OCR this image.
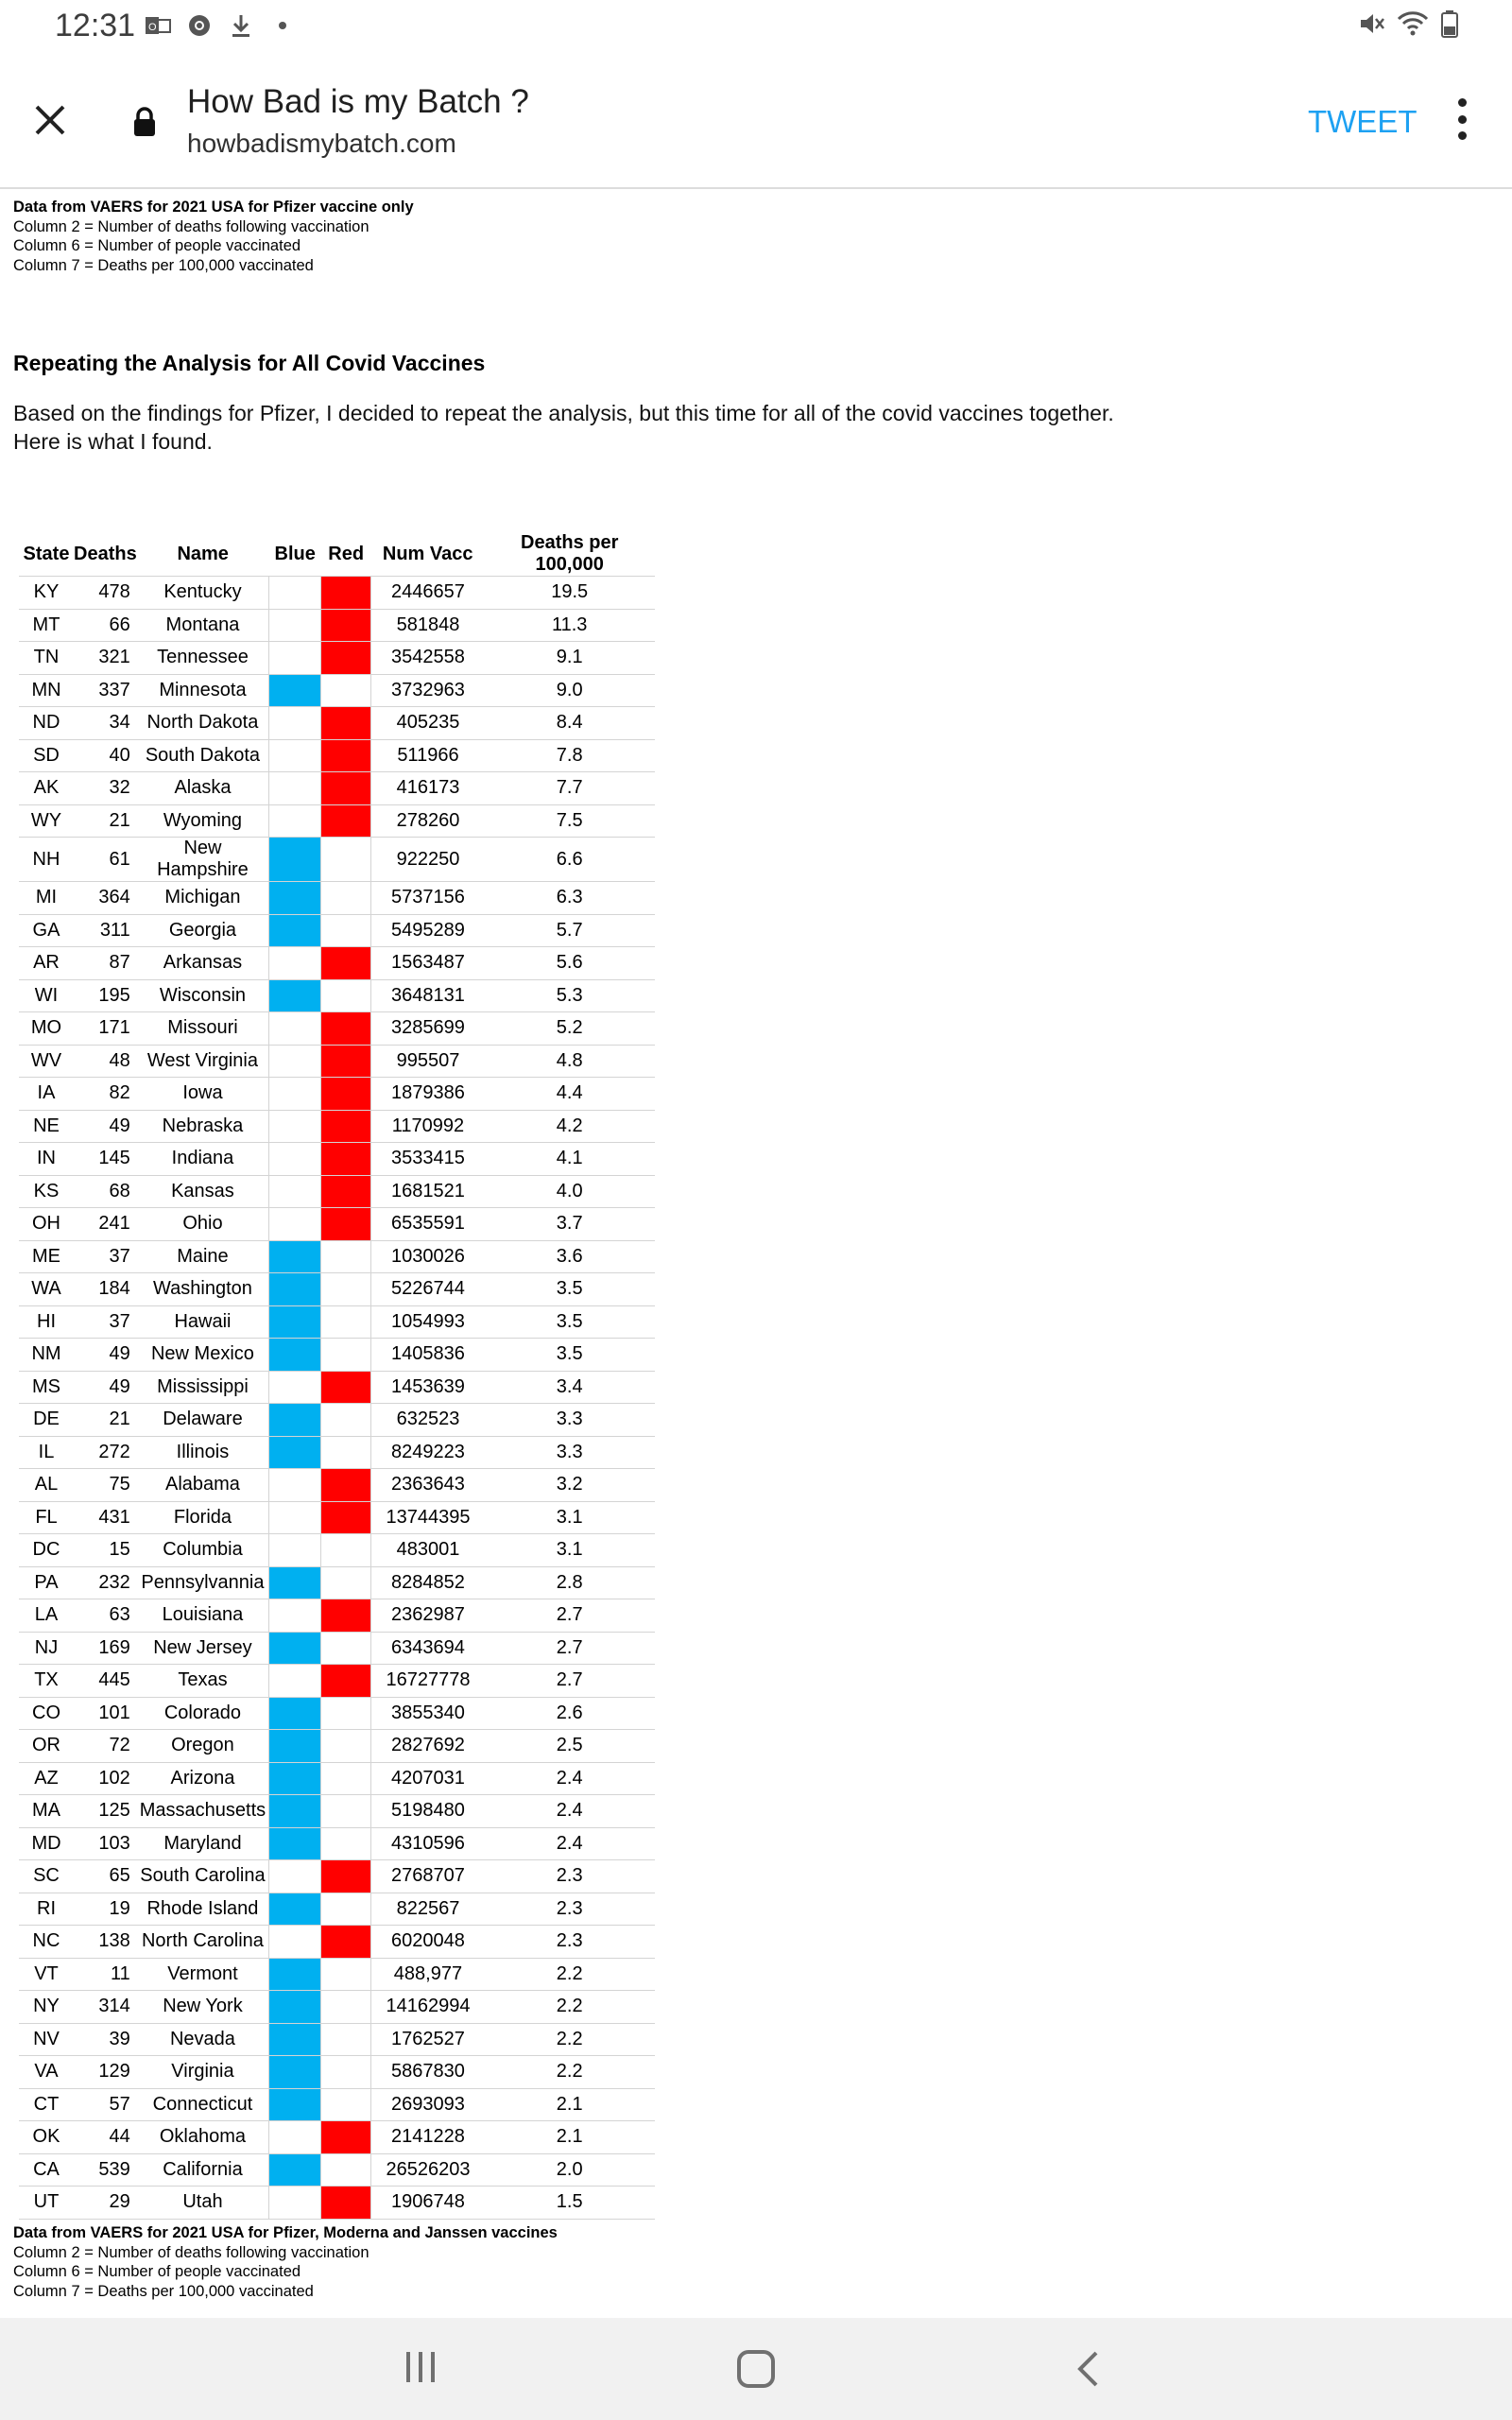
12:31 O
How Bad is my Batch ?
howbadismybatch.com
TWEET
Data from VAERS for 2021 USA for Pfizer vaccine only
Column 2 = Number of deaths following vaccination
Column 6 = Number of people vaccinated
Column 7 = Deaths per 100,000 vaccinated
Repeating the Analysis for All Covid Vaccines
Based on the findings for Pfizer, I decided to repeat the analysis, but this time for all of the covid vaccines together. Here is what I found.
State	Deaths	Name	Blue	Red	Num Vacc	Deaths per 100,000
KY	478	Kentucky			2446657	19.5
MT	66	Montana			581848	11.3
TN	321	Tennessee			3542558	9.1
MN	337	Minnesota			3732963	9.0
ND	34	North Dakota			405235	8.4
SD	40	South Dakota			511966	7.8
AK	32	Alaska			416173	7.7
WY	21	Wyoming			278260	7.5
NH	61	New Hampshire			922250	6.6
MI	364	Michigan			5737156	6.3
GA	311	Georgia			5495289	5.7
AR	87	Arkansas			1563487	5.6
WI	195	Wisconsin			3648131	5.3
MO	171	Missouri			3285699	5.2
WV	48	West Virginia			995507	4.8
IA	82	Iowa			1879386	4.4
NE	49	Nebraska			1170992	4.2
IN	145	Indiana			3533415	4.1
KS	68	Kansas			1681521	4.0
OH	241	Ohio			6535591	3.7
ME	37	Maine			1030026	3.6
WA	184	Washington			5226744	3.5
HI	37	Hawaii			1054993	3.5
NM	49	New Mexico			1405836	3.5
MS	49	Mississippi			1453639	3.4
DE	21	Delaware			632523	3.3
IL	272	Illinois			8249223	3.3
AL	75	Alabama			2363643	3.2
FL	431	Florida			13744395	3.1
DC	15	Columbia			483001	3.1
PA	232	Pennsylvannia			8284852	2.8
LA	63	Louisiana			2362987	2.7
NJ	169	New Jersey			6343694	2.7
TX	445	Texas			16727778	2.7
CO	101	Colorado			3855340	2.6
OR	72	Oregon			2827692	2.5
AZ	102	Arizona			4207031	2.4
MA	125	Massachusetts			5198480	2.4
MD	103	Maryland			4310596	2.4
SC	65	South Carolina			2768707	2.3
RI	19	Rhode Island			822567	2.3
NC	138	North Carolina			6020048	2.3
VT	11	Vermont			488,977	2.2
NY	314	New York			14162994	2.2
NV	39	Nevada			1762527	2.2
VA	129	Virginia			5867830	2.2
CT	57	Connecticut			2693093	2.1
OK	44	Oklahoma			2141228	2.1
CA	539	California			26526203	2.0
UT	29	Utah			1906748	1.5
Data from VAERS for 2021 USA for Pfizer, Moderna and Janssen vaccines
Column 2 = Number of deaths following vaccination
Column 6 = Number of people vaccinated
Column 7 = Deaths per 100,000 vaccinated
